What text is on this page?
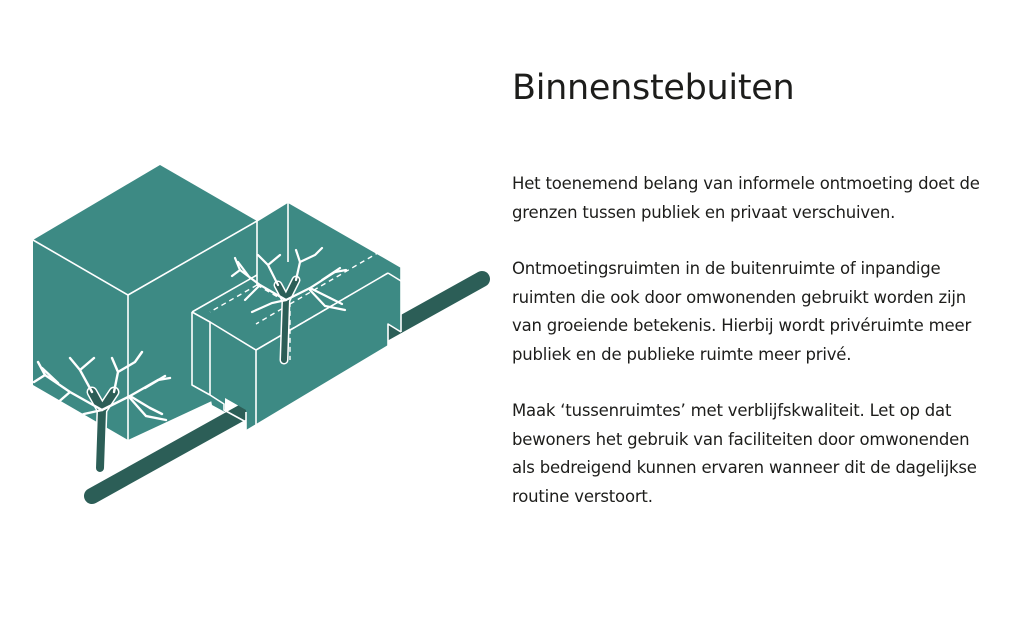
Binnenstebuiten

Het toenemend belang van informele ontmoeting doet de grenzen tussen publiek en privaat verschuiven.

Ontmoetingsruimten in de buitenruimte of inpandige ruimten die ook door omwonenden gebruikt worden zijn van groeiende betekenis. Hierbij wordt privéruimte meer publiek en de publieke ruimte meer privé.

Maak ‘tussenruimtes’ met verblijfskwaliteit. Let op dat bewoners het gebruik van faciliteiten door omwonenden als bedreigend kunnen ervaren wanneer dit de dagelijkse routine verstoort.
